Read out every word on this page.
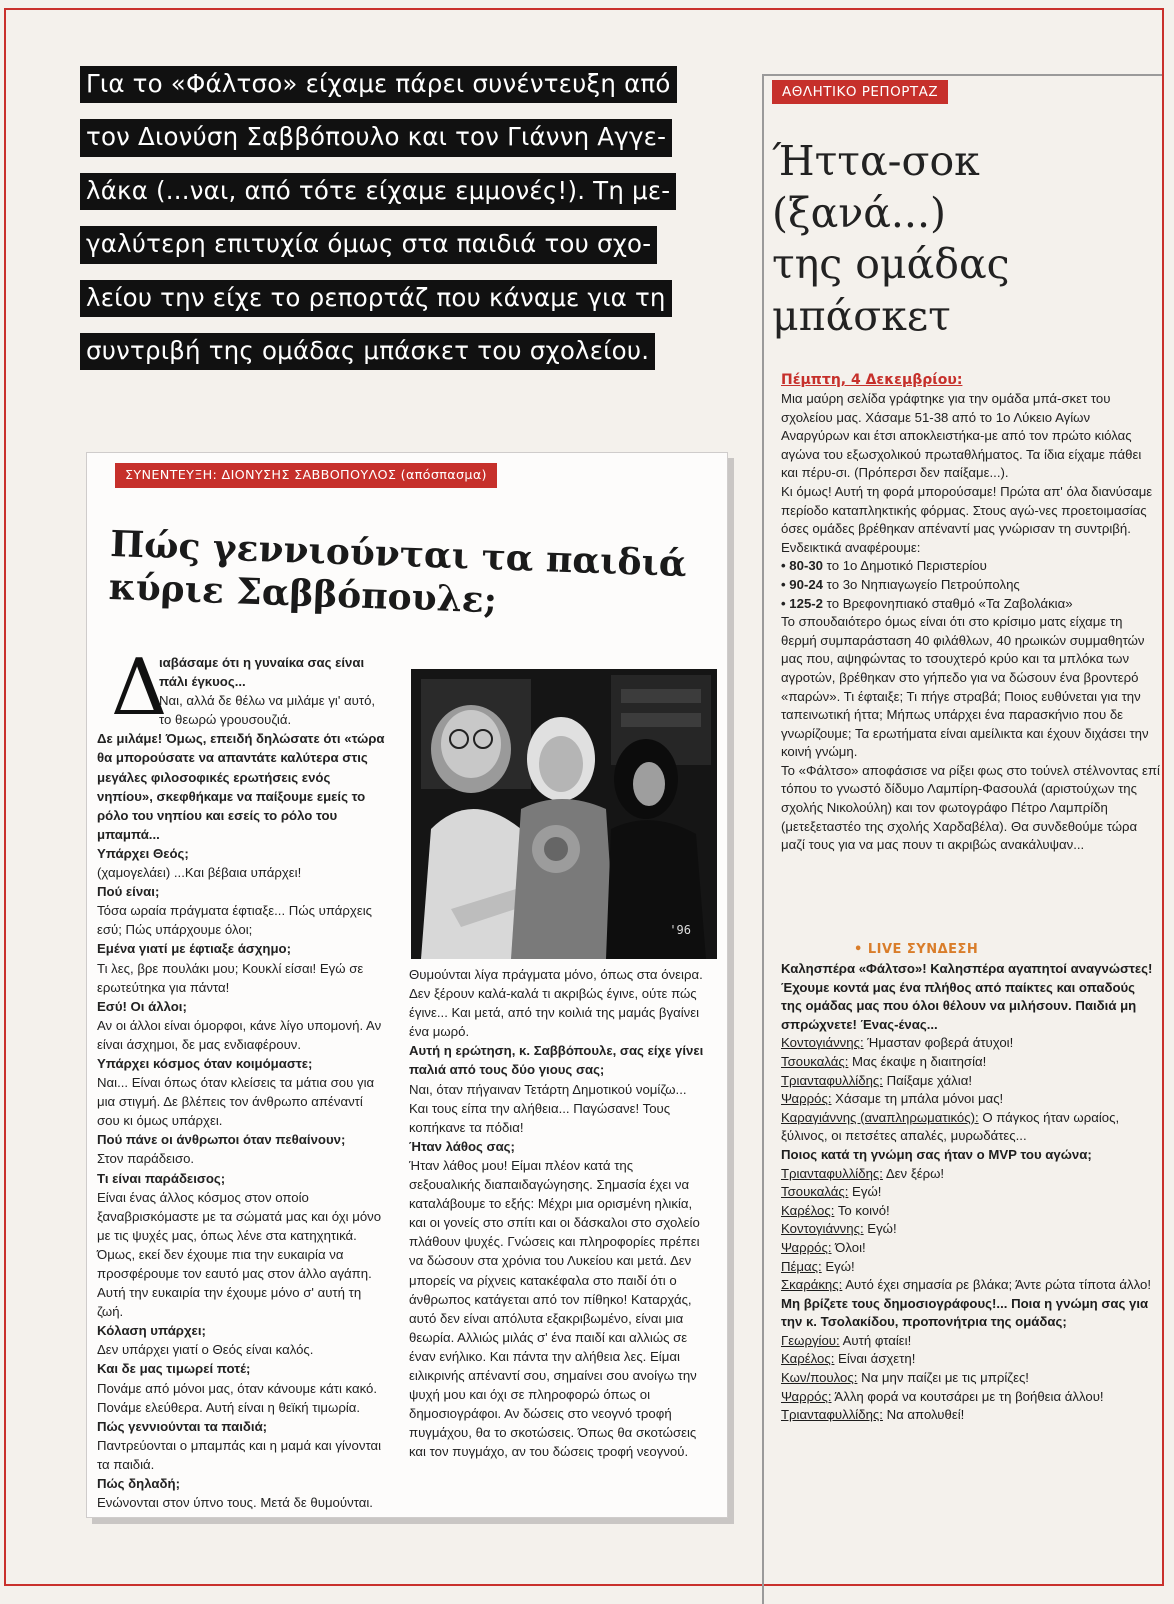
Για το «Φάλτσο» είχαμε πάρει συνέντευξη από
τον Διονύση Σαββόπουλο και τον Γιάννη Αγγε-
λάκα (...ναι, από τότε είχαμε εμμονές!). Τη με-
γαλύτερη επιτυχία όμως στα παιδιά του σχο-
λείου την είχε το ρεπορτάζ που κάναμε για τη
συντριβή της ομάδας μπάσκετ του σχολείου.

ΑΘΛΗΤΙΚΟ ΡΕΠΟΡΤΑΖ
Ήττα-σοκ
(ξανά...)
της ομάδας
μπάσκετ
Πέμπτη, 4 Δεκεμβρίου:

Μια μαύρη σελίδα γράφτηκε για την ομάδα μπά-σκετ του σχολείου μας. Χάσαμε 51-38 από το 1ο Λύκειο Αγίων Αναργύρων και έτσι αποκλειστήκα-με από τον πρώτο κιόλας αγώνα του εξωσχολικού πρωταθλήματος. Τα ίδια είχαμε πάθει και πέρυ-σι. (Πρόπερσι δεν παίξαμε...).

Κι όμως! Αυτή τη φορά μπορούσαμε! Πρώτα απ' όλα διανύσαμε περίοδο καταπληκτικής φόρμας. Στους αγώ-νες προετοιμασίας όσες ομάδες βρέθηκαν απέναντί μας γνώρισαν τη συντριβή. Ενδεικτικά αναφέρουμε:

• 80-30 το 1ο Δημοτικό Περιστερίου
• 90-24 το 3ο Νηπιαγωγείο Πετρούπολης
• 125-2 το Βρεφονηπιακό σταθμό «Τα Ζαβολάκια»

Το σπουδαιότερο όμως είναι ότι στο κρίσιμο ματς είχαμε τη θερμή συμπαράσταση 40 φιλάθλων, 40 ηρωικών συμμαθητών μας που, αψηφώντας το τσουχτερό κρύο και τα μπλόκα των αγροτών, βρέθηκαν στο γήπεδο για να δώσουν ένα βροντερό «παρών». Τι έφταιξε; Τι πήγε στραβά; Ποιος ευθύνεται για την ταπεινωτική ήττα; Μήπως υπάρχει ένα παρασκήνιο που δε γνωρίζουμε; Τα ερωτήματα είναι αμείλικτα και έχουν διχάσει την κοινή γνώμη.

Το «Φάλτσο» αποφάσισε να ρίξει φως στο τούνελ στέλνοντας επί τόπου το γνωστό δίδυμο Λαμπίρη-Φασουλά (αριστούχων της σχολής Νικολούλη) και τον φωτογράφο Πέτρο Λαμπρίδη (μετεξεταστέο της σχολής Χαρδαβέλα). Θα συνδεθούμε τώρα μαζί τους για να μας πουν τι ακριβώς ανακάλυψαν...

• LIVE ΣΥΝΔΕΣΗ

Καλησπέρα «Φάλτσο»! Καλησπέρα αγαπητοί αναγνώστες! Έχουμε κοντά μας ένα πλήθος από παίκτες και οπαδούς της ομάδας μας που όλοι θέλουν να μιλήσουν. Παιδιά μη σπρώχνετε! Ένας-ένας...

Κοντογιάννης: Ήμασταν φοβερά άτυχοι!

Τσουκαλάς: Μας έκαψε η διαιτησία!

Τριανταφυλλίδης: Παίξαμε χάλια!

Ψαρρός: Χάσαμε τη μπάλα μόνοι μας!

Καραγιάννης (αναπληρωματικός): Ο πάγκος ήταν ωραίος, ξύλινος, οι πετσέτες απαλές, μυρωδάτες...

Ποιος κατά τη γνώμη σας ήταν ο MVP του αγώνα;

Τριανταφυλλίδης: Δεν ξέρω!

Τσουκαλάς: Εγώ!

Καρέλος: Το κοινό!

Κοντογιάννης: Εγώ!

Ψαρρός: Όλοι!

Πέμας: Εγώ!

Σκαράκης: Αυτό έχει σημασία ρε βλάκα; Άντε ρώτα τίποτα άλλο!

Μη βρίζετε τους δημοσιογράφους!... Ποια η γνώμη σας για την κ. Τσολακίδου, προπονήτρια της ομάδας;

Γεωργίου: Αυτή φταίει!

Καρέλος: Είναι άσχετη!

Κων/πουλος: Να μην παίζει με τις μπρίζες!

Ψαρρός: Άλλη φορά να κουτσάρει με τη βοήθεια άλλου!

Τριανταφυλλίδης: Να απολυθεί!

ΣΥΝΕΝΤΕΥΞΗ: ΔΙΟΝΥΣΗΣ ΣΑΒΒΟΠΟΥΛΟΣ (απόσπασμα)
Πώς γεννιούνται τα παιδιά κύριε Σαββόπουλε;
'96
Δ

ιαβάσαμε ότι η γυναίκα σας είναι πάλι έγκυος...

Ναι, αλλά δε θέλω να μιλάμε γι' αυτό, το θεωρώ γρουσουζιά.

Δε μιλάμε! Όμως, επειδή δηλώσατε ότι «τώρα θα μπορούσατε να απαντάτε καλύτερα στις μεγάλες φιλοσοφικές ερωτήσεις ενός νηπίου», σκεφθήκαμε να παίξουμε εμείς το ρόλο του νηπίου και εσείς το ρόλο του μπαμπά...

Υπάρχει Θεός;

(χαμογελάει) ...Και βέβαια υπάρχει!

Πού είναι;

Τόσα ωραία πράγματα έφτιαξε... Πώς υπάρχεις εσύ; Πώς υπάρχουμε όλοι;

Εμένα γιατί με έφτιαξε άσχημο;

Τι λες, βρε πουλάκι μου; Κουκλί είσαι! Εγώ σε ερωτεύτηκα για πάντα!

Εσύ! Οι άλλοι;

Αν οι άλλοι είναι όμορφοι, κάνε λίγο υπομονή. Αν είναι άσχημοι, δε μας ενδιαφέρουν.

Υπάρχει κόσμος όταν κοιμόμαστε;

Ναι... Είναι όπως όταν κλείσεις τα μάτια σου για μια στιγμή. Δε βλέπεις τον άνθρωπο απέναντί σου κι όμως υπάρχει.

Πού πάνε οι άνθρωποι όταν πεθαίνουν;

Στον παράδεισο.

Τι είναι παράδεισος;

Είναι ένας άλλος κόσμος στον οποίο ξαναβρισκόμαστε με τα σώματά μας και όχι μόνο με τις ψυχές μας, όπως λένε στα κατηχητικά. Όμως, εκεί δεν έχουμε πια την ευκαιρία να προσφέρουμε τον εαυτό μας στον άλλο αγάπη. Αυτή την ευκαιρία την έχουμε μόνο σ' αυτή τη ζωή.

Κόλαση υπάρχει;

Δεν υπάρχει γιατί ο Θεός είναι καλός.

Και δε μας τιμωρεί ποτέ;

Πονάμε από μόνοι μας, όταν κάνουμε κάτι κακό. Πονάμε ελεύθερα. Αυτή είναι η θεϊκή τιμωρία.

Πώς γεννιούνται τα παιδιά;

Παντρεύονται ο μπαμπάς και η μαμά και γίνονται τα παιδιά.

Πώς δηλαδή;

Ενώνονται στον ύπνο τους. Μετά δε θυμούνται.

Θυμούνται λίγα πράγματα μόνο, όπως στα όνειρα. Δεν ξέρουν καλά-καλά τι ακριβώς έγινε, ούτε πώς έγινε... Και μετά, από την κοιλιά της μαμάς βγαίνει ένα μωρό.

Αυτή η ερώτηση, κ. Σαββόπουλε, σας είχε γίνει παλιά από τους δύο γιους σας;

Ναι, όταν πήγαιναν Τετάρτη Δημοτικού νομίζω... Και τους είπα την αλήθεια... Παγώσανε! Τους κοπήκανε τα πόδια!

Ήταν λάθος σας;

Ήταν λάθος μου! Είμαι πλέον κατά της σεξουαλικής διαπαιδαγώγησης. Σημασία έχει να καταλάβουμε το εξής: Μέχρι μια ορισμένη ηλικία, και οι γονείς στο σπίτι και οι δάσκαλοι στο σχολείο πλάθουν ψυχές. Γνώσεις και πληροφορίες πρέπει να δώσουν στα χρόνια του Λυκείου και μετά. Δεν μπορείς να ρίχνεις κατακέφαλα στο παιδί ότι ο άνθρωπος κατάγεται από τον πίθηκο! Καταρχάς, αυτό δεν είναι απόλυτα εξακριβωμένο, είναι μια θεωρία. Αλλιώς μιλάς σ' ένα παιδί και αλλιώς σε έναν ενήλικο. Και πάντα την αλήθεια λες. Είμαι ειλικρινής απέναντί σου, σημαίνει σου ανοίγω την ψυχή μου και όχι σε πληροφορώ όπως οι δημοσιογράφοι. Αν δώσεις στο νεογνό τροφή πυγμάχου, θα το σκοτώσεις. Όπως θα σκοτώσεις και τον πυγμάχο, αν του δώσεις τροφή νεογνού.
